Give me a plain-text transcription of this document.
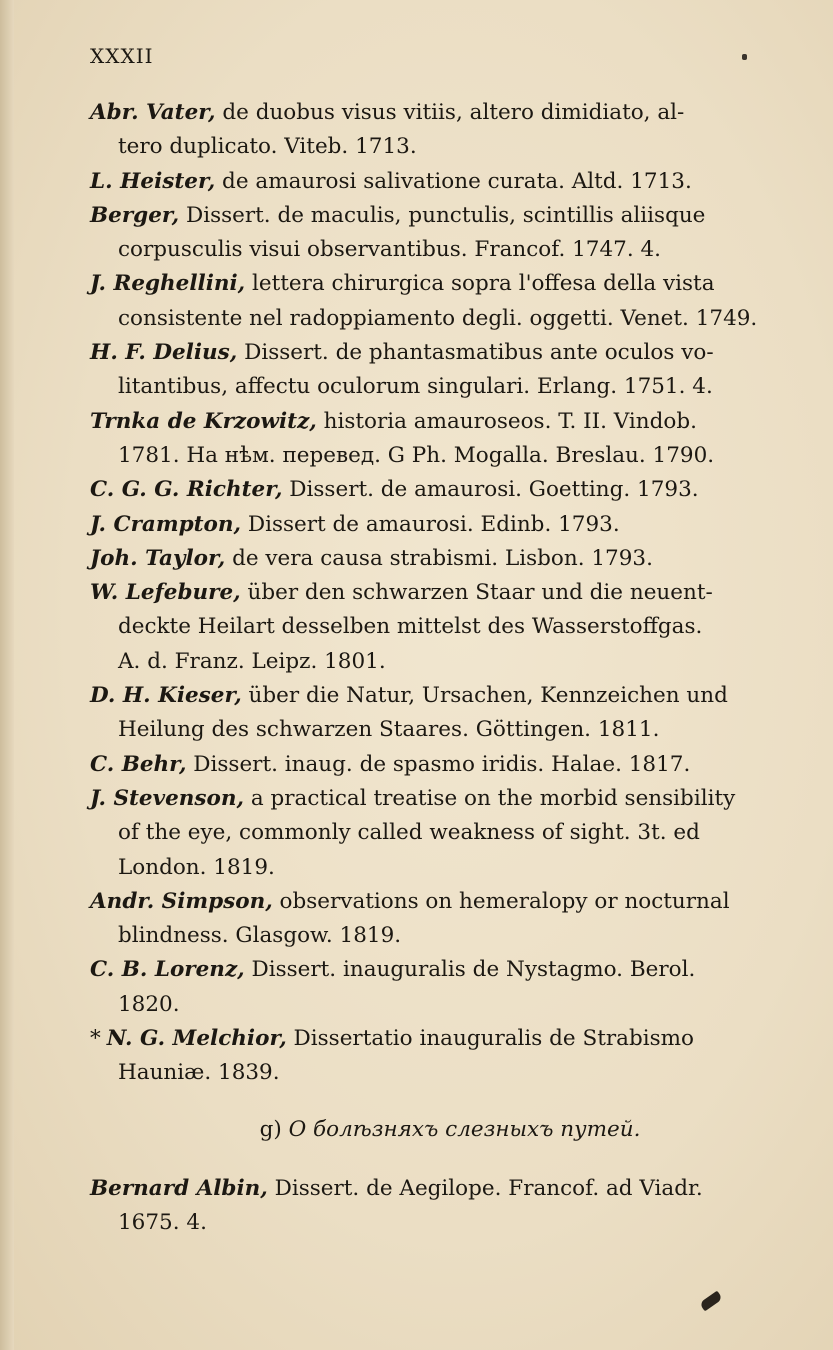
XXXII
Abr. Vater, de duobus visus vitiis, altero dimidiato, al-
tero duplicato. Viteb. 1713.
L. Heister, de amaurosi salivatione curata. Altd. 1713.
Berger, Dissert. de maculis, punctulis, scintillis aliisque
corpusculis visui observantibus. Francof. 1747. 4.
J. Reghellini, lettera chirurgica sopra l'offesa della vista
consistente nel radoppiamento degli. oggetti. Venet. 1749.
H. F. Delius, Dissert. de phantasmatibus ante oculos vo-
litantibus, affectu oculorum singulari. Erlang. 1751. 4.
Trnka de Krzowitz, historia amauroseos. T. II. Vindob.
1781. На нѣм. перевед. G Ph. Mogalla. Breslau. 1790.
C. G. G. Richter, Dissert. de amaurosi. Goetting. 1793.
J. Crampton, Dissert de amaurosi. Edinb. 1793.
Joh. Taylor, de vera causa strabismi. Lisbon. 1793.
W. Lefebure, über den schwarzen Staar und die neuent-
deckte Heilart desselben mittelst des Wasserstoffgas.
A. d. Franz. Leipz. 1801.
D. H. Kieser, über die Natur, Ursachen, Kennzeichen und
Heilung des schwarzen Staares. Göttingen. 1811.
C. Behr, Dissert. inaug. de spasmo iridis. Halae. 1817.
J. Stevenson, a practical treatise on the morbid sensibility
of the eye, commonly called weakness of sight. 3t. ed
London. 1819.
Andr. Simpson, observations on hemeralopy or nocturnal
blindness. Glasgow. 1819.
C. B. Lorenz, Dissert. inauguralis de Nystagmo. Berol.
1820.
* N. G. Melchior, Dissertatio inauguralis de Strabismo
Hauniæ. 1839.
g) О болѣзняхъ слезныхъ путей.
Bernard Albin, Dissert. de Aegilope. Francof. ad Viadr.
1675. 4.
